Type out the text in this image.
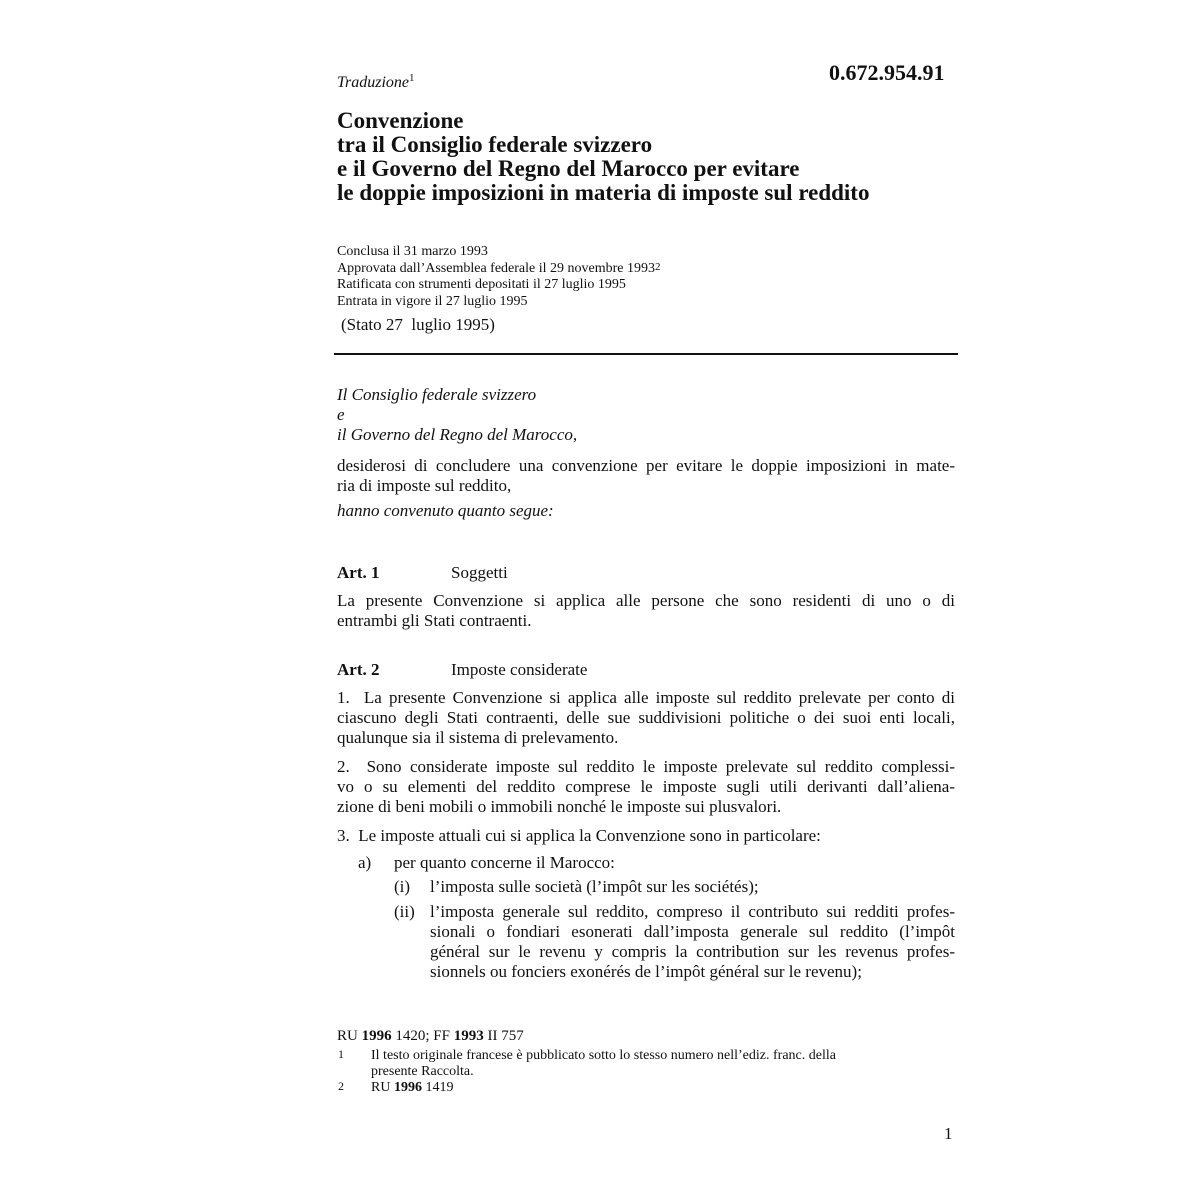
0.672.954.91
Traduzione$^1$
Convenzione
tra il Consiglio federale svizzero
e il Governo del Regno del Marocco per evitare
le doppie imposizioni in materia di imposte sul reddito
Conclusa il 31 marzo 1993
Approvata dall’Assemblea federale il 29 novembre 1993$^2$
Ratificata con strumenti depositati il 27 luglio 1995
Entrata in vigore il 27 luglio 1995
(Stato 27  luglio 1995)
Il Consiglio federale svizzero
e
il Governo del Regno del Marocco,
desiderosi di concludere una convenzione per evitare le doppie imposizioni in mate-
ria di imposte sul reddito,
hanno convenuto quanto segue:
Art. 1	Soggetti
La presente Convenzione si applica alle persone che sono residenti di uno o di
entrambi gli Stati contraenti.
Art. 2	Imposte considerate
1.  La presente Convenzione si applica alle imposte sul reddito prelevate per conto di
ciascuno degli Stati contraenti, delle sue suddivisioni politiche o dei suoi enti locali,
qualunque sia il sistema di prelevamento.
2.  Sono considerate imposte sul reddito le imposte prelevate sul reddito complessi-
vo o su elementi del reddito comprese le imposte sugli utili derivanti dall’aliena-
zione di beni mobili o immobili nonché le imposte sui plusvalori.
3.  Le imposte attuali cui si applica la Convenzione sono in particolare:
a) per quanto concerne il Marocco:
(i) l’imposta sulle società (l’impôt sur les sociétés);
(ii) l’imposta generale sul reddito, compreso il contributo sui redditi profes-
sionali o fondiari esonerati dall’imposta generale sul reddito (l’impôt
général sur le revenu y compris la contribution sur les revenus profes-
sionnels ou fonciers exonérés de l’impôt général sur le revenu);
RU 1996 1420; FF 1993 II 757
1 Il testo originale francese è pubblicato sotto lo stesso numero nell’ediz. franc. della
presente Raccolta.
2 RU 1996 1419
1
